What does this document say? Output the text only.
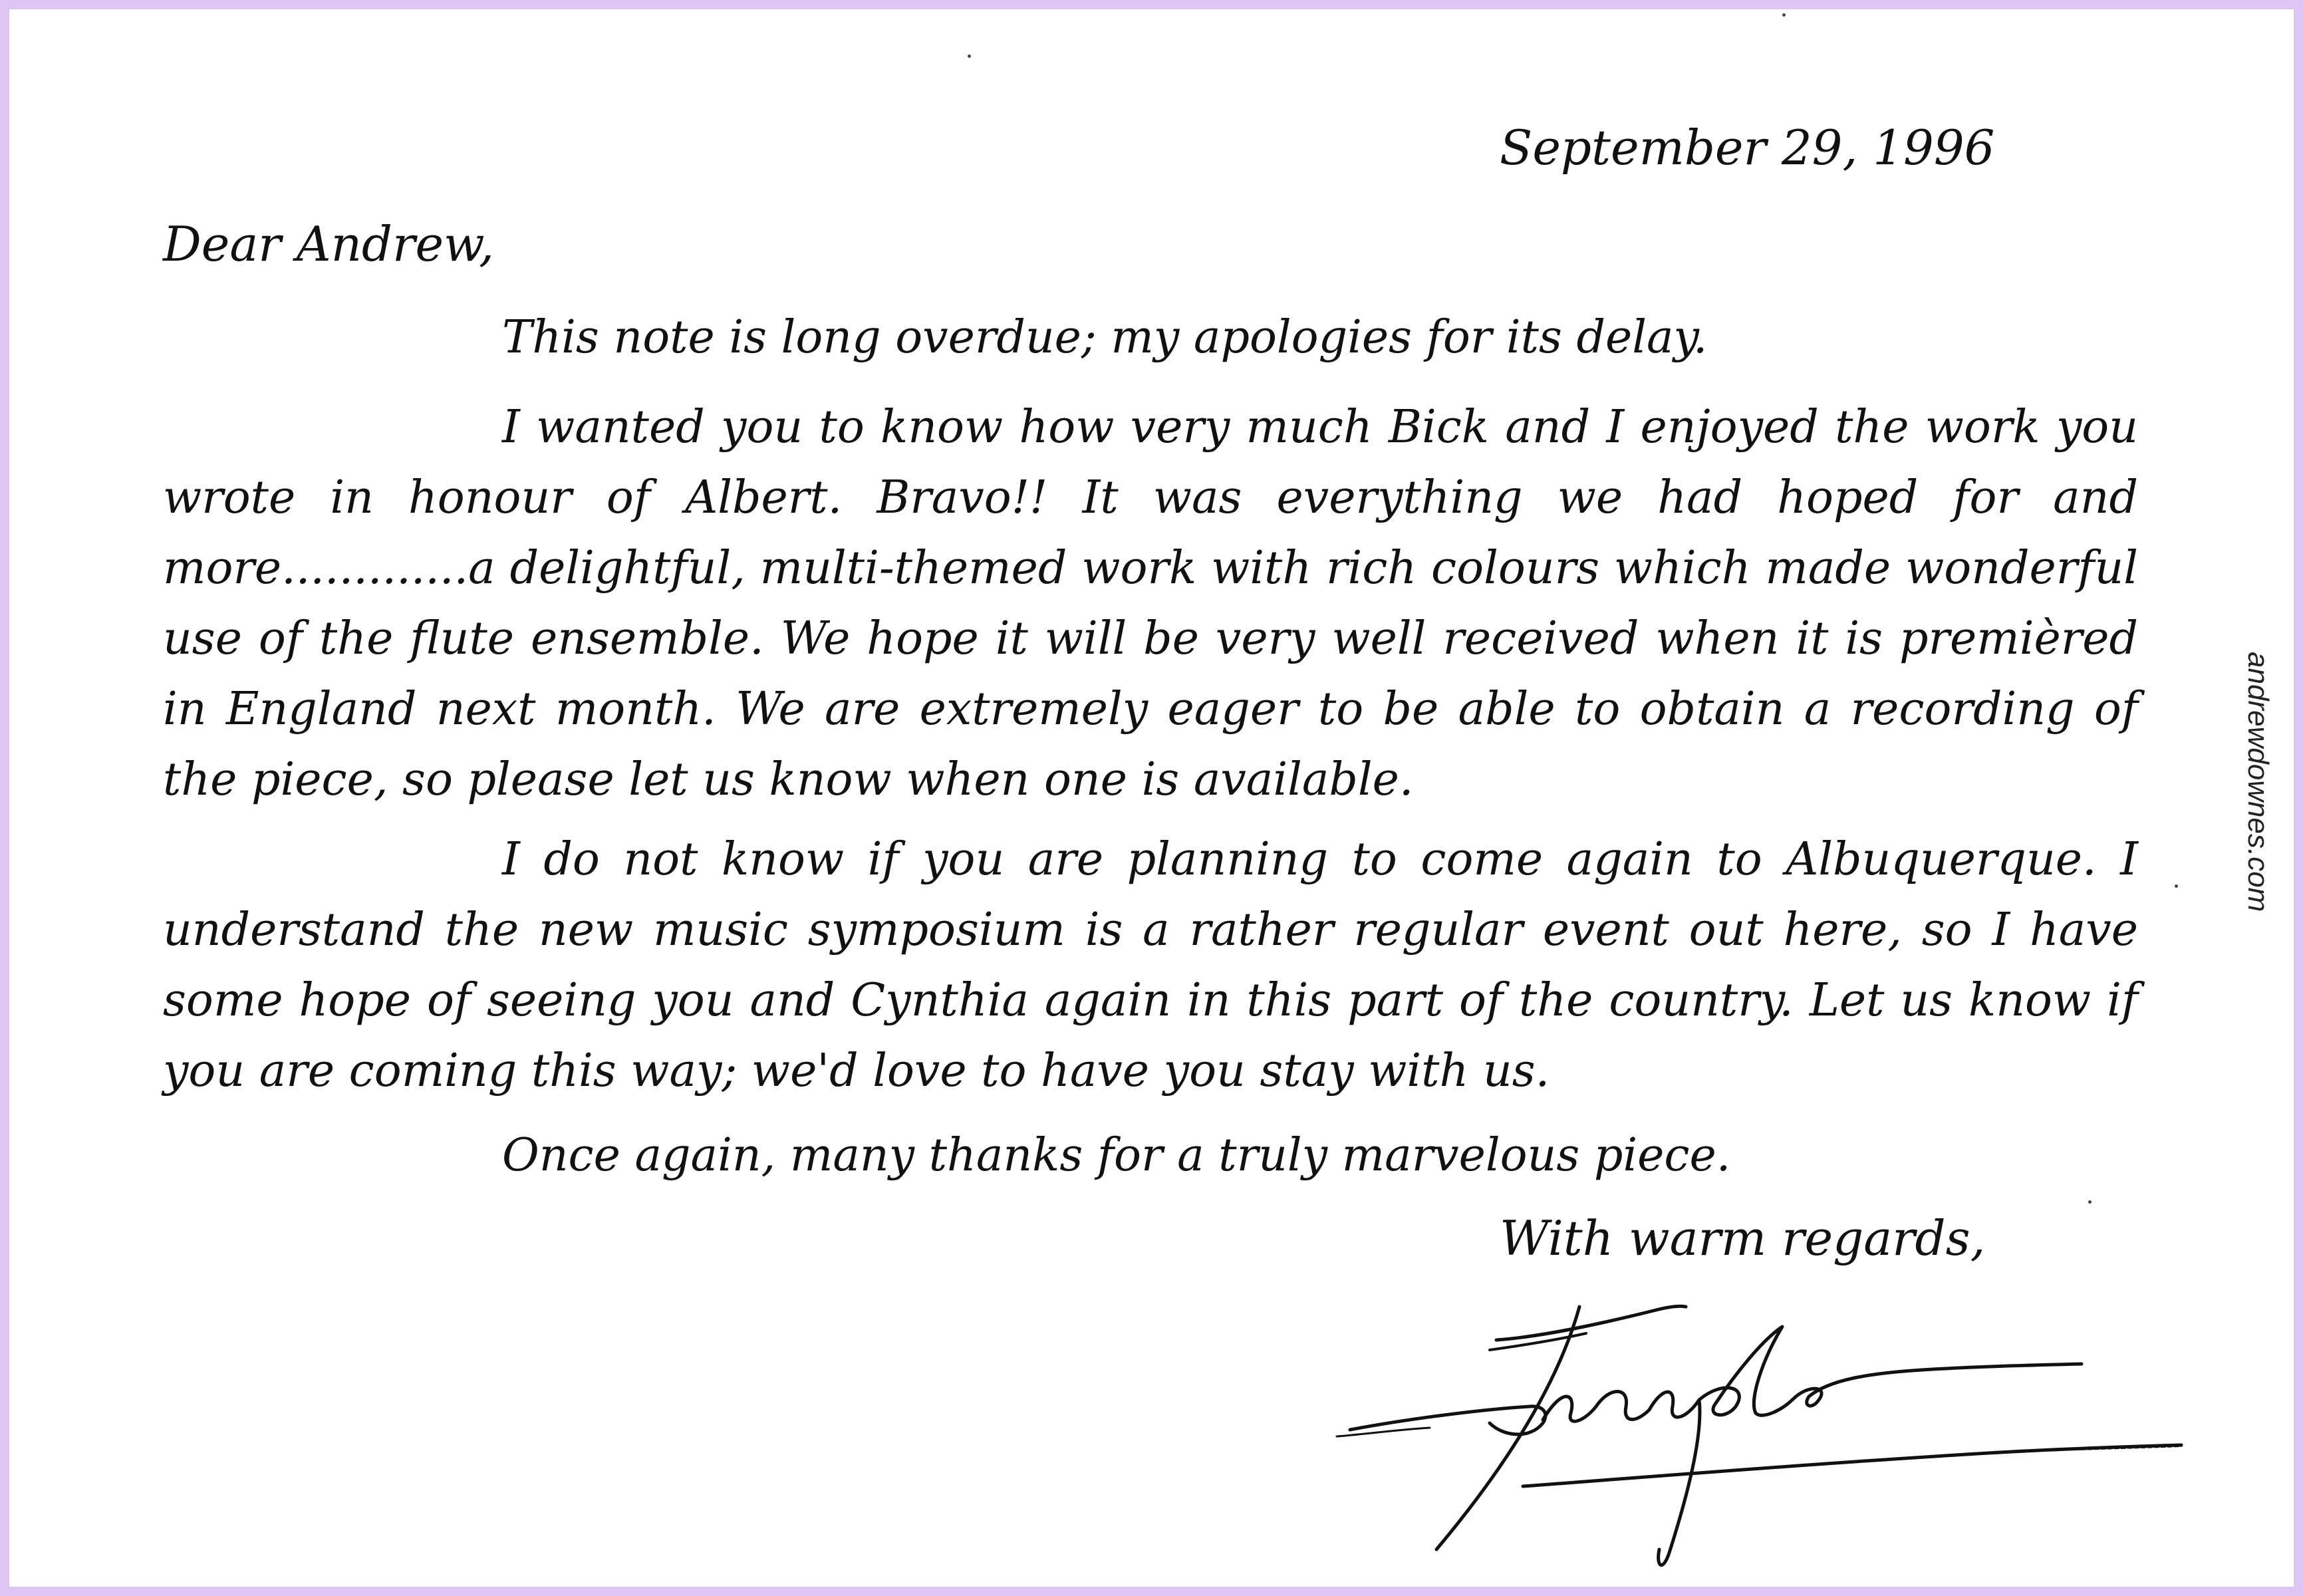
September 29, 1996
Dear Andrew,

This note is long overdue; my apologies for its delay.

I wanted you to know how very much Bick and I enjoyed the work you wrote in honour of Albert. Bravo!! It was everything we had hoped for and more.............a delightful, multi-themed work with rich colours which made wonderful use of the flute ensemble. We hope it will be very well received when it is premièred in England next month. We are extremely eager to be able to obtain a recording of the piece, so please let us know when one is available.

I do not know if you are planning to come again to Albuquerque. I understand the new music symposium is a rather regular event out here, so I have some hope of seeing you and Cynthia again in this part of the country. Let us know if you are coming this way; we'd love to have you stay with us.

Once again, many thanks for a truly marvelous piece.

With warm regards,
andrewdownes.com
